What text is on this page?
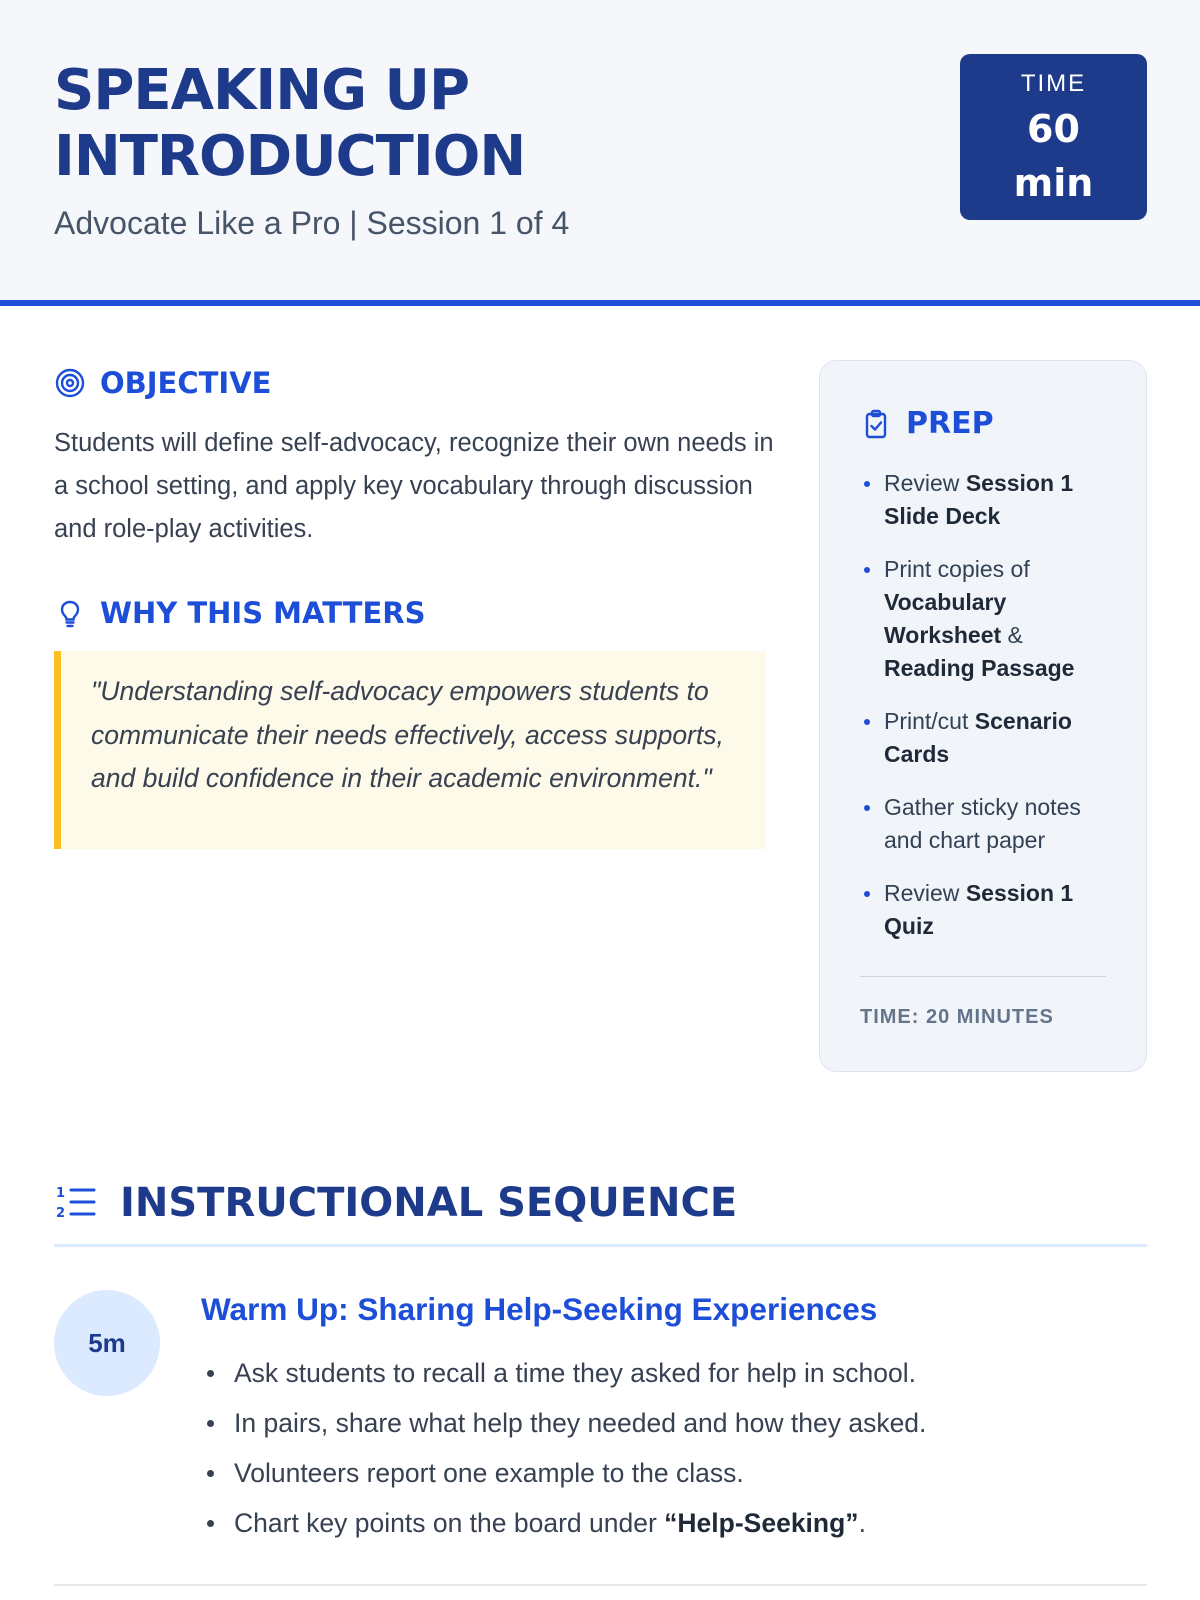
SPEAKING UP
INTRODUCTION
Advocate Like a Pro | Session 1 of 4
TIME
60
min
OBJECTIVE

Students will define self-advocacy, recognize their own needs in a school setting, and apply key vocabulary through discussion and role-play activities.

WHY THIS MATTERS
"Understanding self-advocacy empowers students to communicate their needs effectively, access supports, and build confidence in their academic environment."
PREP
Review Session 1 Slide Deck
Print copies of Vocabulary Worksheet & Reading Passage
Print/cut Scenario Cards
Gather sticky notes and chart paper
Review Session 1 Quiz
TIME: 20 MINUTES
1
2 INSTRUCTIONAL SEQUENCE
5m
Warm Up: Sharing Help-Seeking Experiences
Ask students to recall a time they asked for help in school.
In pairs, share what help they needed and how they asked.
Volunteers report one example to the class.
Chart key points on the board under “Help-Seeking”.
